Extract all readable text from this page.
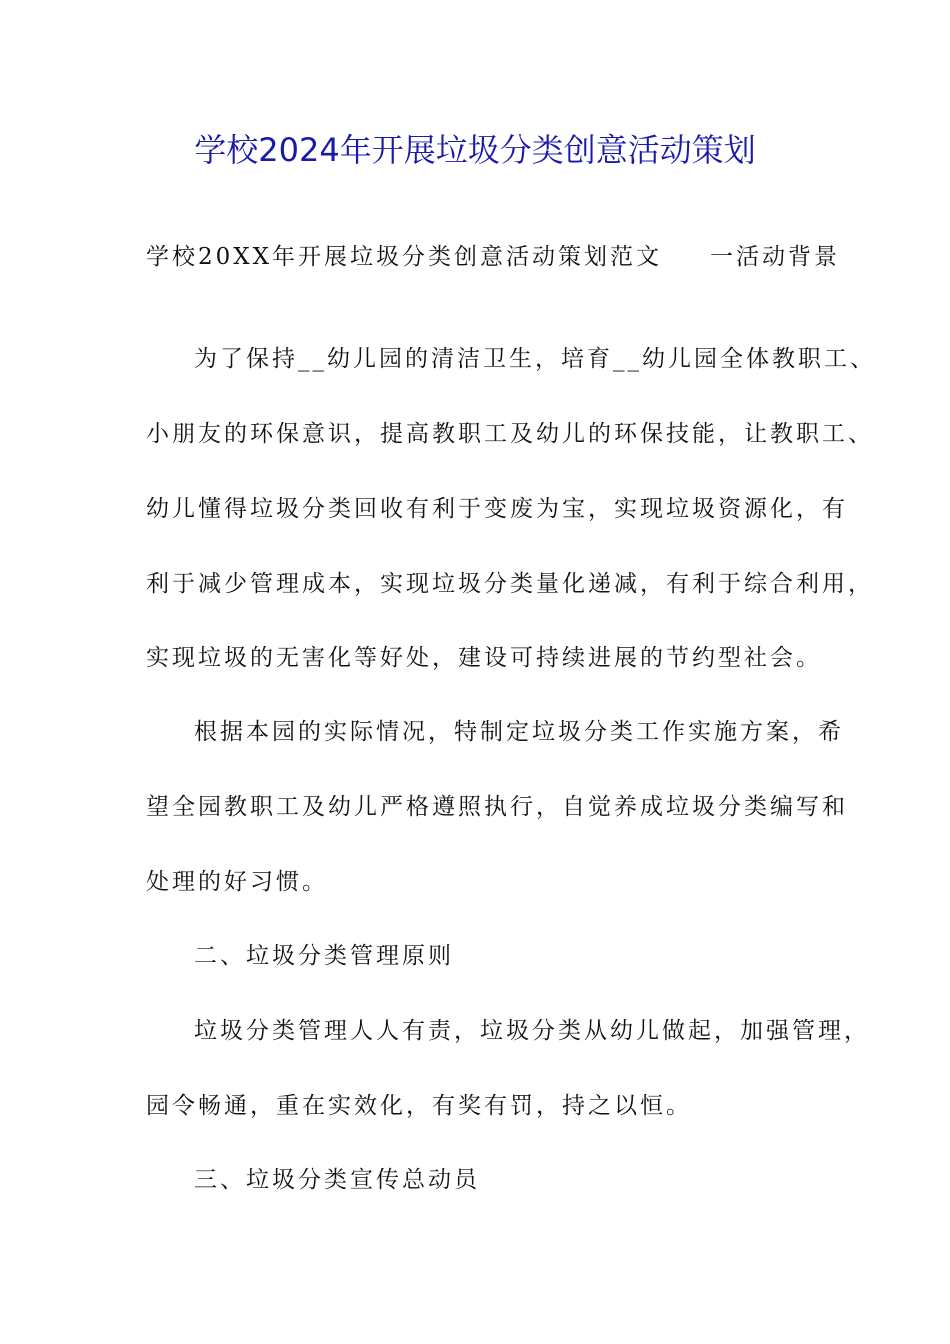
学校2024年开展垃圾分类创意活动策划
学校20XX年开展垃圾分类创意活动策划范文 一活动背景
为了保持__幼儿园的清洁卫生，培育__幼儿园全体教职工、
小朋友的环保意识，提高教职工及幼儿的环保技能，让教职工、
幼儿懂得垃圾分类回收有利于变废为宝，实现垃圾资源化，有
利于减少管理成本，实现垃圾分类量化递减，有利于综合利用，
实现垃圾的无害化等好处，建设可持续进展的节约型社会。
根据本园的实际情况，特制定垃圾分类工作实施方案，希
望全园教职工及幼儿严格遵照执行，自觉养成垃圾分类编写和
处理的好习惯。
二、垃圾分类管理原则
垃圾分类管理人人有责，垃圾分类从幼儿做起，加强管理，
园令畅通，重在实效化，有奖有罚，持之以恒。
三、垃圾分类宣传总动员
